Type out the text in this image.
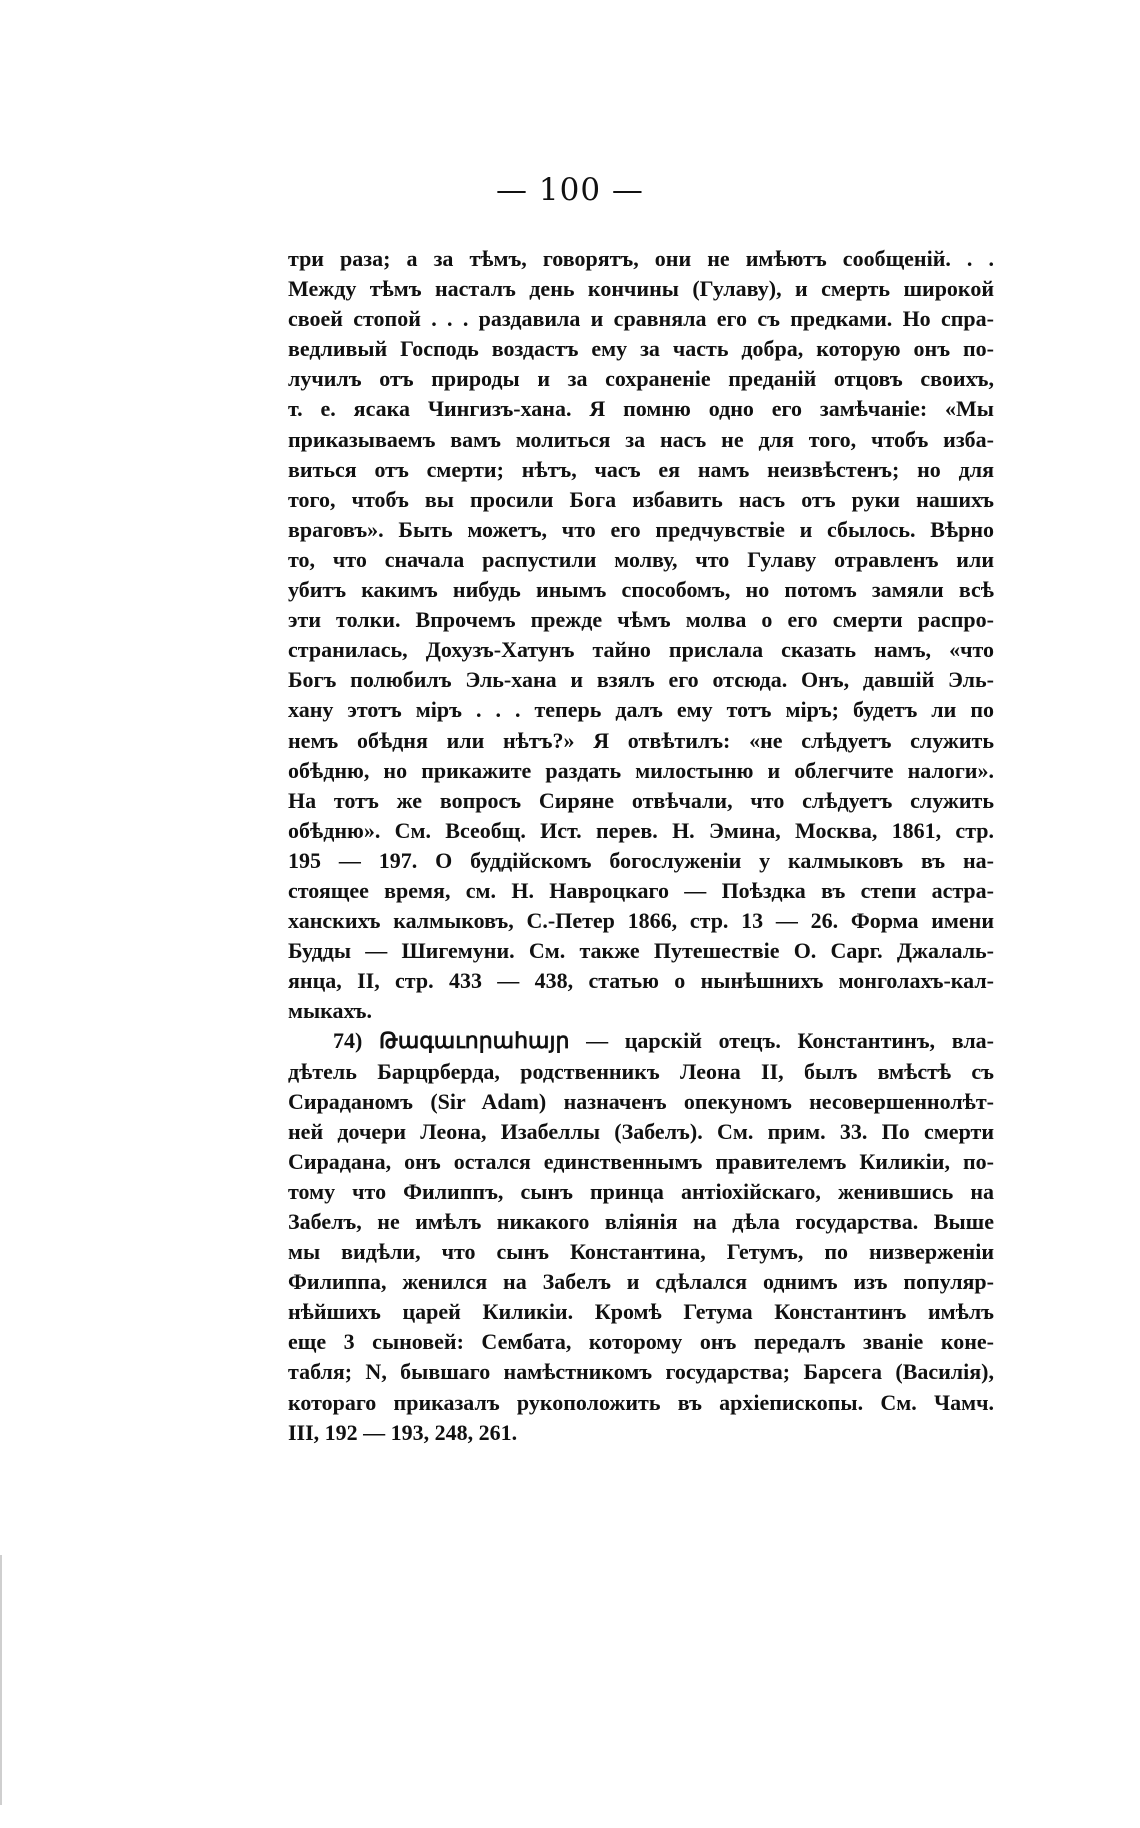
— 100 —
три раза; а за тѣмъ, говорятъ, они не имѣютъ сообщеній. . .
Между тѣмъ насталъ день кончины (Гулаву), и смерть широкой
своей стопой . . . раздавила и сравняла его съ предками. Но спра-
ведливый Господь воздастъ ему за часть добра, которую онъ по-
лучилъ отъ природы и за сохраненіе преданій отцовъ своихъ,
т. е. ясака Чингизъ-хана. Я помню одно его замѣчаніе: «Мы
приказываемъ вамъ молиться за насъ не для того, чтобъ изба-
виться отъ смерти; нѣтъ, часъ ея намъ неизвѣстенъ; но для
того, чтобъ вы просили Бога избавить насъ отъ руки нашихъ
враговъ». Быть можетъ, что его предчувствіе и сбылось. Вѣрно
то, что сначала распустили молву, что Гулаву отравленъ или
убитъ какимъ нибудь инымъ способомъ, но потомъ замяли всѣ
эти толки. Впрочемъ прежде чѣмъ молва о его смерти распро-
странилась, Дохузъ-Хатунъ тайно прислала сказать намъ, «что
Богъ полюбилъ Эль-хана и взялъ его отсюда. Онъ, давшій Эль-
хану этотъ міръ . . . теперь далъ ему тотъ міръ; будетъ ли по
немъ обѣдня или нѣтъ?» Я отвѣтилъ: «не слѣдуетъ служить
обѣдню, но прикажите раздать милостыню и облегчите налоги».
На тотъ же вопросъ Сиряне отвѣчали, что слѣдуетъ служить
обѣдню». См. Всеобщ. Ист. перев. Н. Эмина, Москва, 1861, стр.
195 — 197. О буддійскомъ богослуженіи у калмыковъ въ на-
стоящее время, см. Н. Навроцкаго — Поѣздка въ степи астра-
ханскихъ калмыковъ, С.-Петер 1866, стр. 13 — 26. Форма имени
Будды — Шигемуни. См. также Путешествіе О. Сарг. Джалаль-
янца, II, стр. 433 — 438, статью о нынѣшнихъ монголахъ-кал-
мыкахъ.
74) Թագաւորահայր — царскій отецъ. Константинъ, вла-
дѣтель Барцрберда, родственникъ Леона II, былъ вмѣстѣ съ
Сираданомъ (Sir Adam) назначенъ опекуномъ несовершеннолѣт-
ней дочери Леона, Изабеллы (Забелъ). См. прим. 33. По смерти
Сирадана, онъ остался единственнымъ правителемъ Киликіи, по-
тому что Филиппъ, сынъ принца антіохійскаго, женившись на
Забелъ, не имѣлъ никакого вліянія на дѣла государства. Выше
мы видѣли, что сынъ Константина, Гетумъ, по низверженіи
Филиппа, женился на Забелъ и сдѣлался однимъ изъ популяр-
нѣйшихъ царей Киликіи. Кромѣ Гетума Константинъ имѣлъ
еще 3 сыновей: Сембата, которому онъ передалъ званіе коне-
табля; N, бывшаго намѣстникомъ государства; Барсега (Василія),
котораго приказалъ рукоположить въ архіепископы. См. Чамч.
III, 192 — 193, 248, 261.
